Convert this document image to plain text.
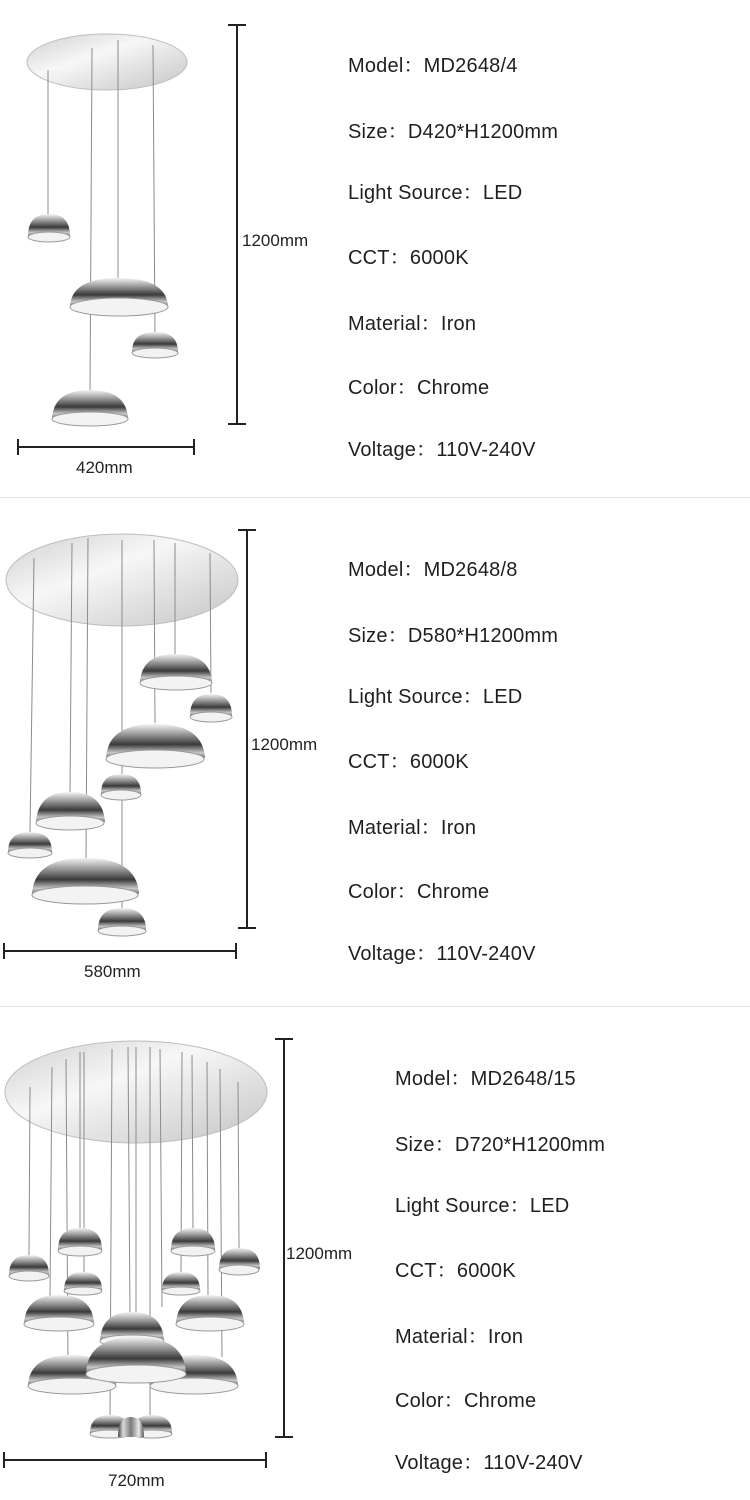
1200mm
420mm
Model：MD2648/4
Size：D420*H1200mm
Light Source：LED
CCT：6000K
Material：Iron
Color：Chrome
Voltage：110V-240V
1200mm
580mm
Model：MD2648/8
Size：D580*H1200mm
Light Source：LED
CCT：6000K
Material：Iron
Color：Chrome
Voltage：110V-240V
1200mm
720mm
Model：MD2648/15
Size：D720*H1200mm
Light Source：LED
CCT：6000K
Material：Iron
Color：Chrome
Voltage：110V-240V
